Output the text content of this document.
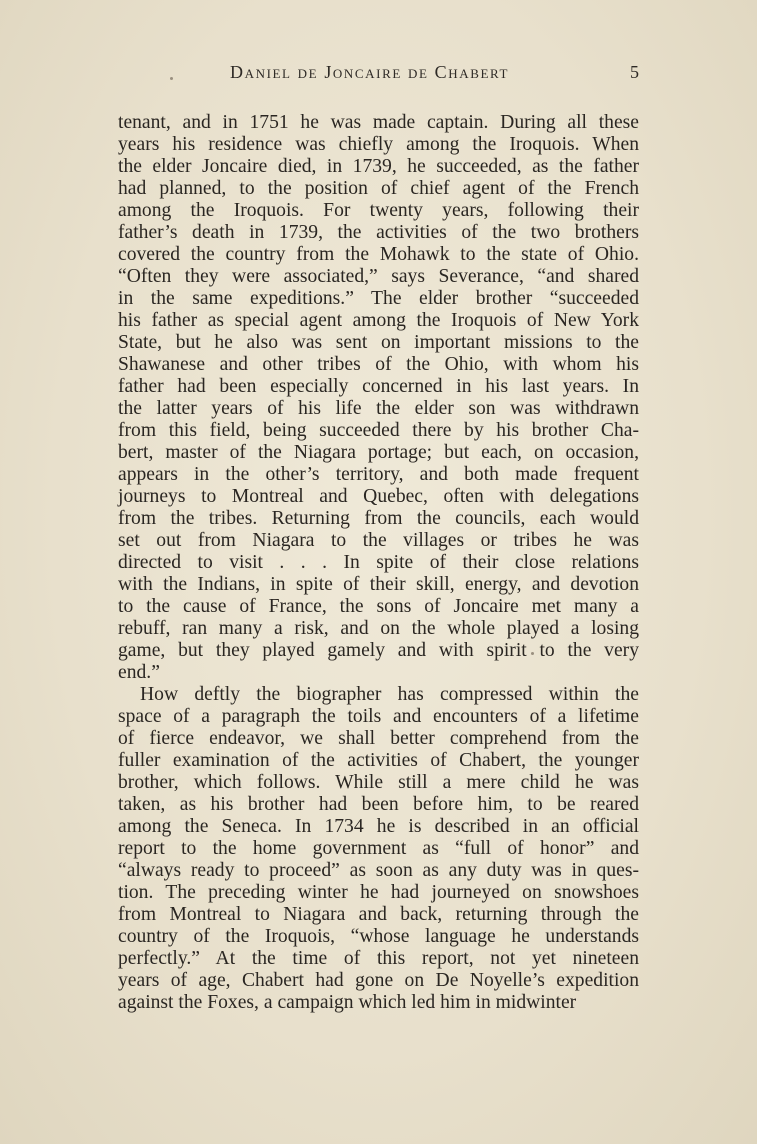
Daniel de Joncaire de Chabert	5
tenant, and in 1751 he was made captain. During all these
years his residence was chiefly among the Iroquois. When
the elder Joncaire died, in 1739, he succeeded, as the father
had planned, to the position of chief agent of the French
among the Iroquois. For twenty years, following their
father’s death in 1739, the activities of the two brothers
covered the country from the Mohawk to the state of Ohio.
“Often they were associated,” says Severance, “and shared
in the same expeditions.” The elder brother “succeeded
his father as special agent among the Iroquois of New York
State, but he also was sent on important missions to the
Shawanese and other tribes of the Ohio, with whom his
father had been especially concerned in his last years. In
the latter years of his life the elder son was withdrawn
from this field, being succeeded there by his brother Cha-
bert, master of the Niagara portage; but each, on occasion,
appears in the other’s territory, and both made frequent
journeys to Montreal and Quebec, often with delegations
from the tribes. Returning from the councils, each would
set out from Niagara to the villages or tribes he was
directed to visit . . . In spite of their close relations
with the Indians, in spite of their skill, energy, and devotion
to the cause of France, the sons of Joncaire met many a
rebuff, ran many a risk, and on the whole played a losing
game, but they played gamely and with spirit to the very
end.”
How deftly the biographer has compressed within the
space of a paragraph the toils and encounters of a lifetime
of fierce endeavor, we shall better comprehend from the
fuller examination of the activities of Chabert, the younger
brother, which follows. While still a mere child he was
taken, as his brother had been before him, to be reared
among the Seneca. In 1734 he is described in an official
report to the home government as “full of honor” and
“always ready to proceed” as soon as any duty was in ques-
tion. The preceding winter he had journeyed on snowshoes
from Montreal to Niagara and back, returning through the
country of the Iroquois, “whose language he understands
perfectly.” At the time of this report, not yet nineteen
years of age, Chabert had gone on De Noyelle’s expedition
against the Foxes, a campaign which led him in midwinter
